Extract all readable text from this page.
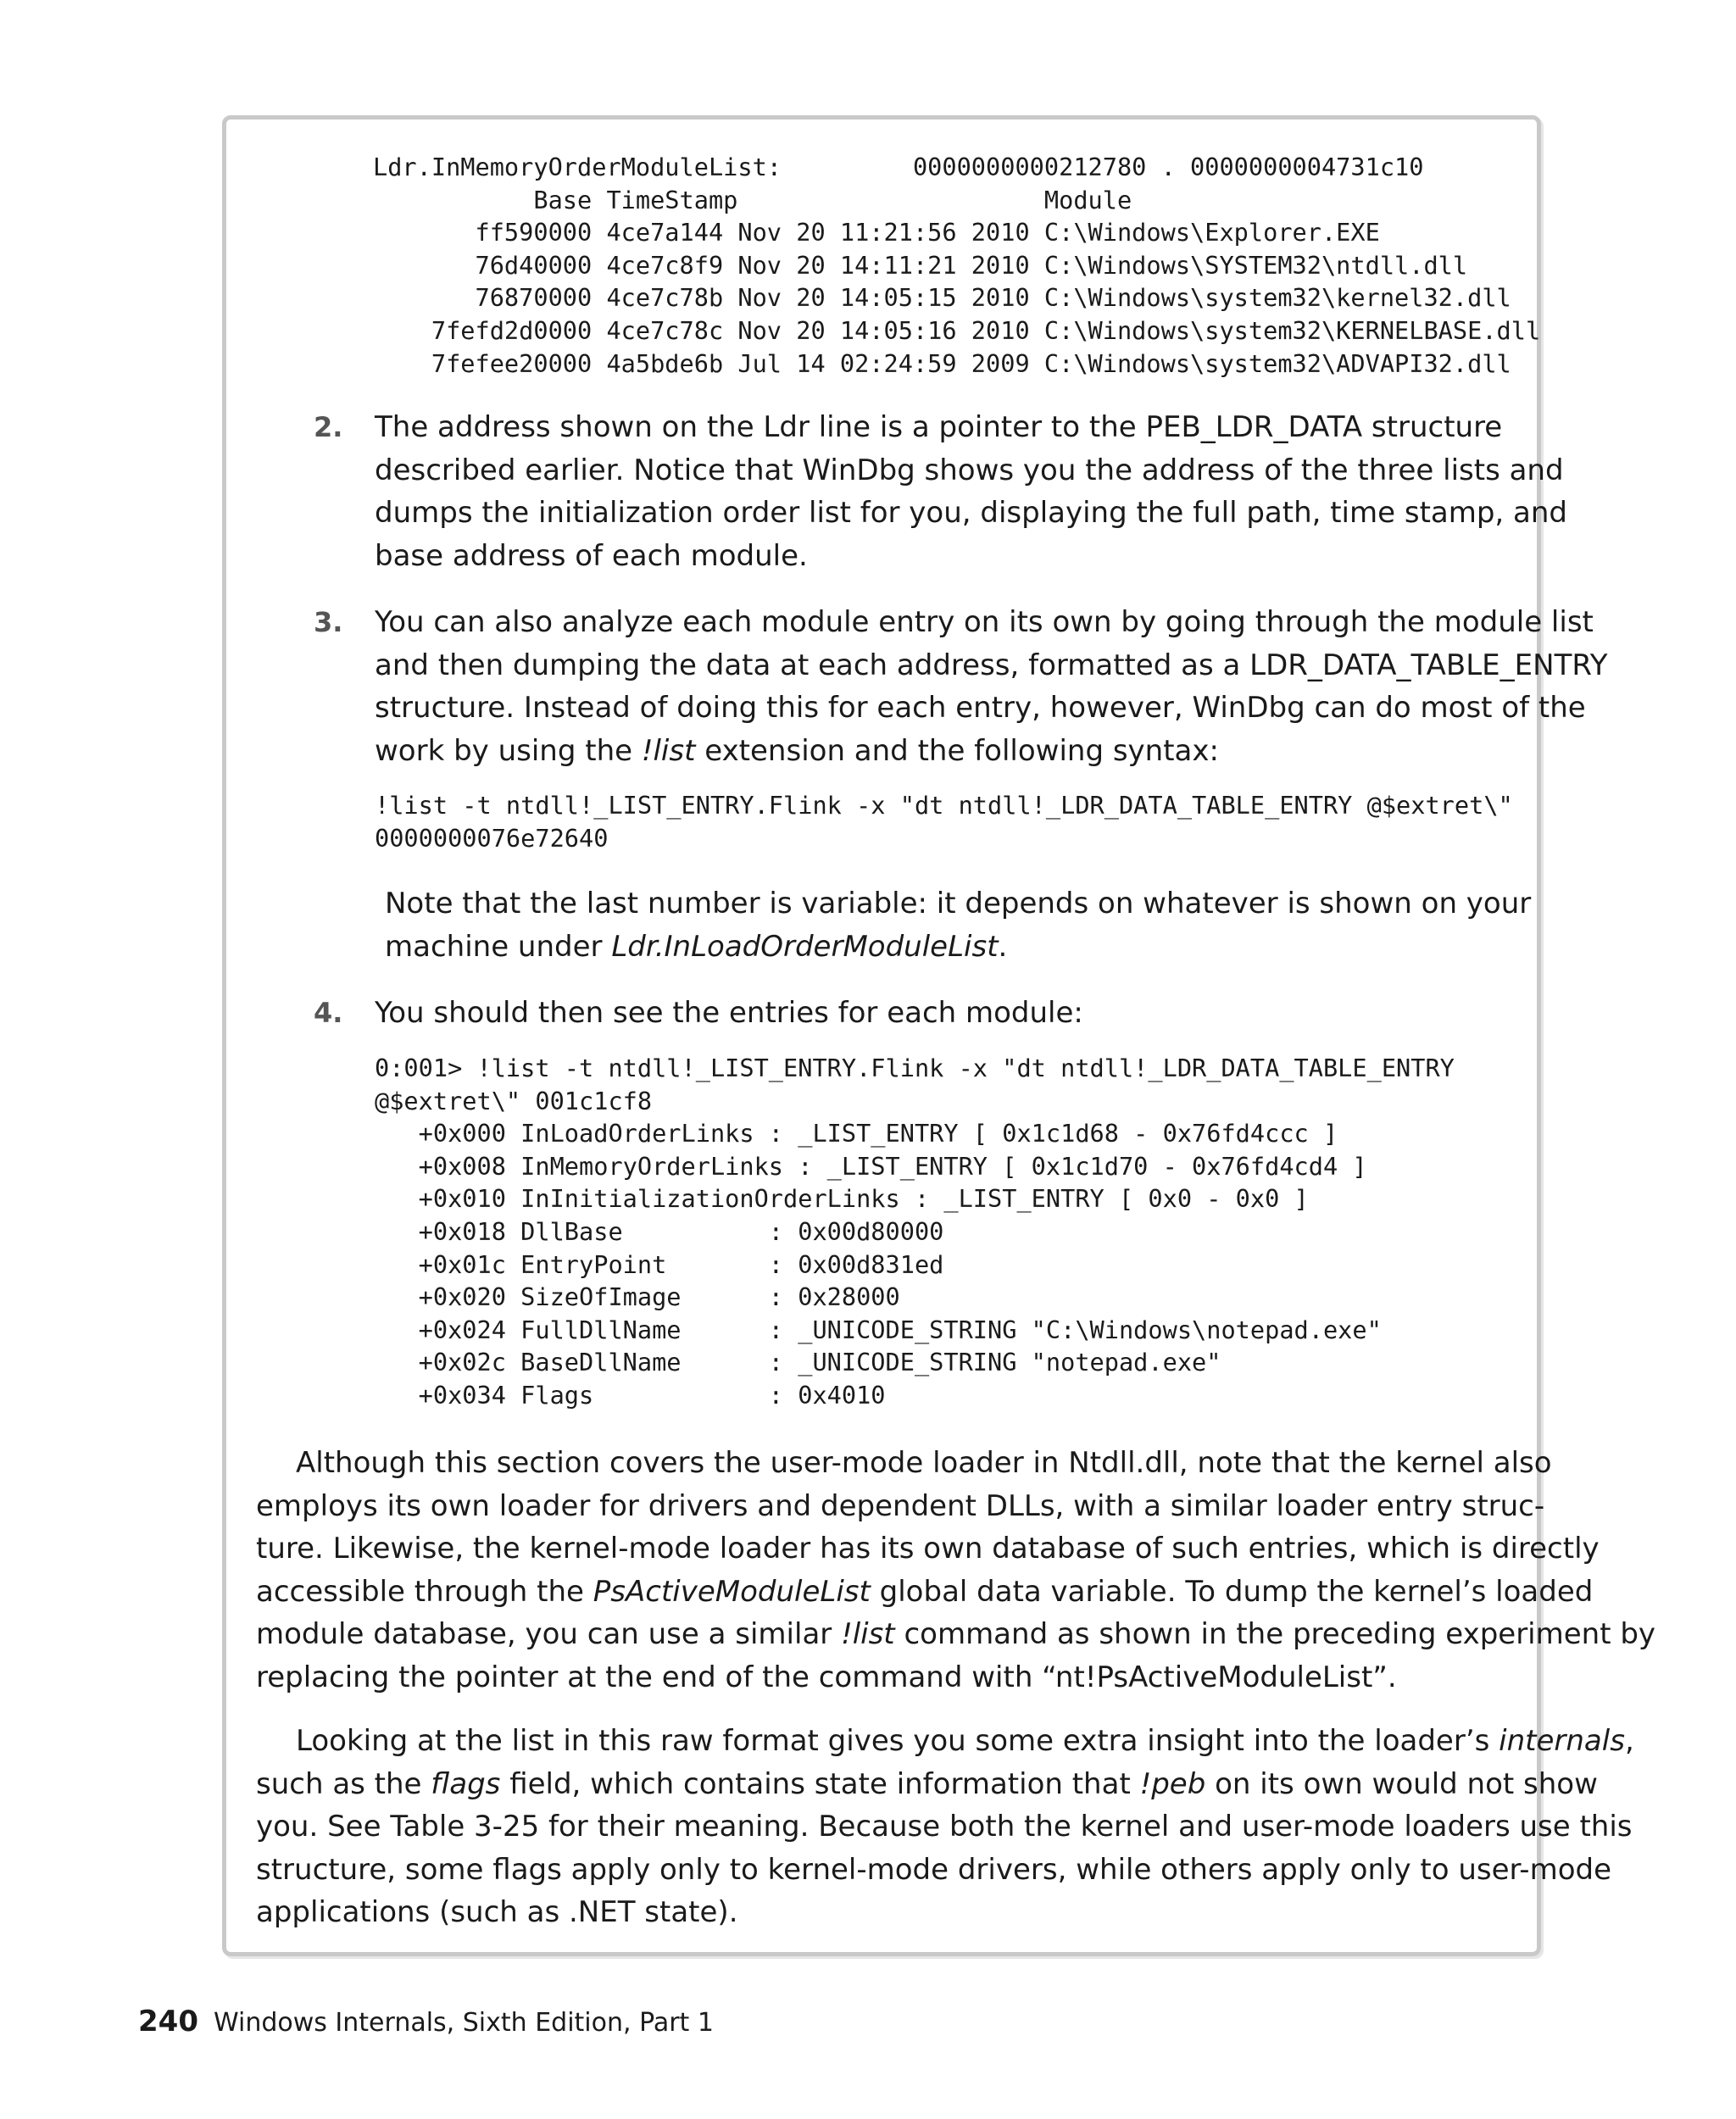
Ldr.InMemoryOrderModuleList:         0000000000212780 . 0000000004731c10
Base TimeStamp                     Module
ff590000 4ce7a144 Nov 20 11:21:56 2010 C:\Windows\Explorer.EXE
76d40000 4ce7c8f9 Nov 20 14:11:21 2010 C:\Windows\SYSTEM32\ntdll.dll
76870000 4ce7c78b Nov 20 14:05:15 2010 C:\Windows\system32\kernel32.dll
7fefd2d0000 4ce7c78c Nov 20 14:05:16 2010 C:\Windows\system32\KERNELBASE.dll
7fefee20000 4a5bde6b Jul 14 02:24:59 2009 C:\Windows\system32\ADVAPI32.dll
2. The address shown on the Ldr line is a pointer to the PEB_LDR_DATA structure
described earlier. Notice that WinDbg shows you the address of the three lists and
dumps the initialization order list for you, displaying the full path, time stamp, and
base address of each module.
3. You can also analyze each module entry on its own by going through the module list
and then dumping the data at each address, formatted as a LDR_DATA_TABLE_ENTRY
structure. Instead of doing this for each entry, however, WinDbg can do most of the
work by using the !list extension and the following syntax:
!list -t ntdll!_LIST_ENTRY.Flink -x "dt ntdll!_LDR_DATA_TABLE_ENTRY @$extret\"
0000000076e72640
Note that the last number is variable: it depends on whatever is shown on your
machine under Ldr.InLoadOrderModuleList.
4. You should then see the entries for each module:
0:001> !list -t ntdll!_LIST_ENTRY.Flink -x "dt ntdll!_LDR_DATA_TABLE_ENTRY
@$extret\" 001c1cf8
+0x000 InLoadOrderLinks : _LIST_ENTRY [ 0x1c1d68 - 0x76fd4ccc ]
+0x008 InMemoryOrderLinks : _LIST_ENTRY [ 0x1c1d70 - 0x76fd4cd4 ]
+0x010 InInitializationOrderLinks : _LIST_ENTRY [ 0x0 - 0x0 ]
+0x018 DllBase          : 0x00d80000
+0x01c EntryPoint       : 0x00d831ed
+0x020 SizeOfImage      : 0x28000
+0x024 FullDllName      : _UNICODE_STRING "C:\Windows\notepad.exe"
+0x02c BaseDllName      : _UNICODE_STRING "notepad.exe"
+0x034 Flags            : 0x4010
Although this section covers the user-mode loader in Ntdll.dll, note that the kernel also
employs its own loader for drivers and dependent DLLs, with a similar loader entry struc-
ture. Likewise, the kernel-mode loader has its own database of such entries, which is directly
accessible through the PsActiveModuleList global data variable. To dump the kernel’s loaded
module database, you can use a similar !list command as shown in the preceding experiment by
replacing the pointer at the end of the command with “nt!PsActiveModuleList”.
Looking at the list in this raw format gives you some extra insight into the loader’s internals,
such as the flags field, which contains state information that !peb on its own would not show
you. See Table 3-25 for their meaning. Because both the kernel and user-mode loaders use this
structure, some flags apply only to kernel-mode drivers, while others apply only to user-mode
applications (such as .NET state).
240 Windows Internals, Sixth Edition, Part 1
